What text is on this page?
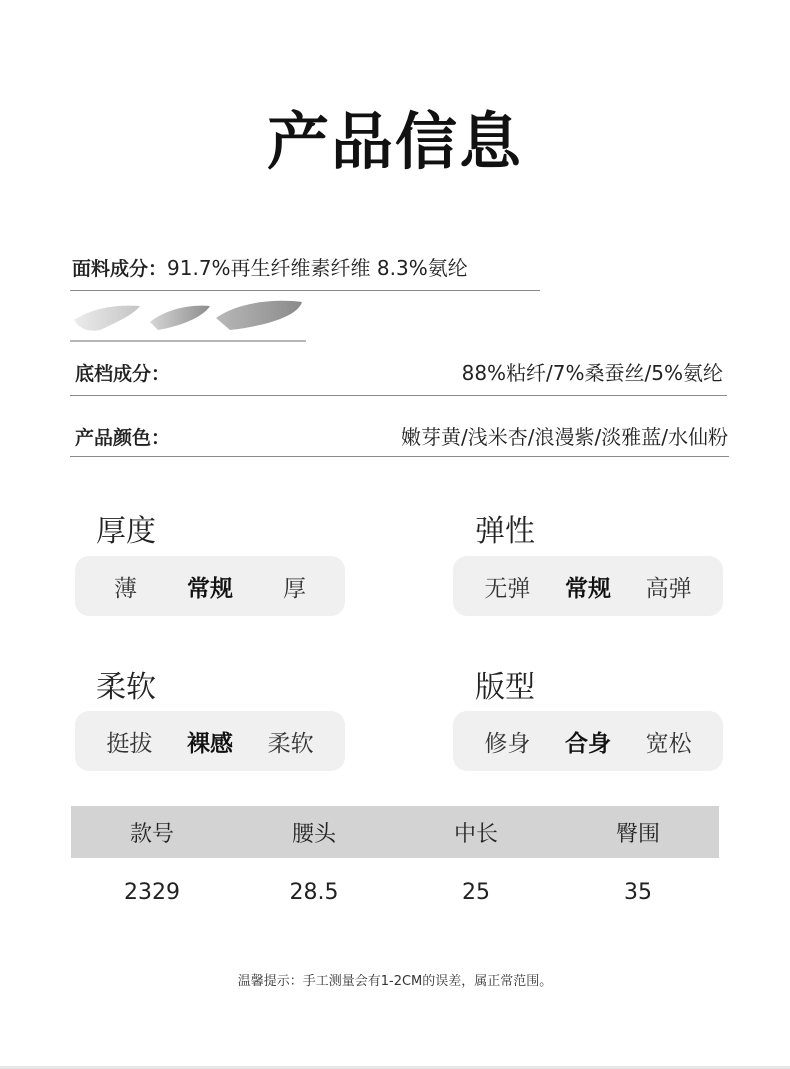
产品信息
面料成分：91.7%再生纤维素纤维 8.3%氨纶
底档成分：	88%粘纤/7%桑蚕丝/5%氨纶
产品颜色：	嫩芽黄/浅米杏/浪漫紫/淡雅蓝/水仙粉
厚度
薄 常规 厚
弹性
无弹 常规 高弹
柔软
挺拔 裸感 柔软
版型
修身 合身 宽松
款号	腰头	中长	臀围
2329	28.5	25	35
温馨提示：手工测量会有1-2CM的误差，属正常范围。
